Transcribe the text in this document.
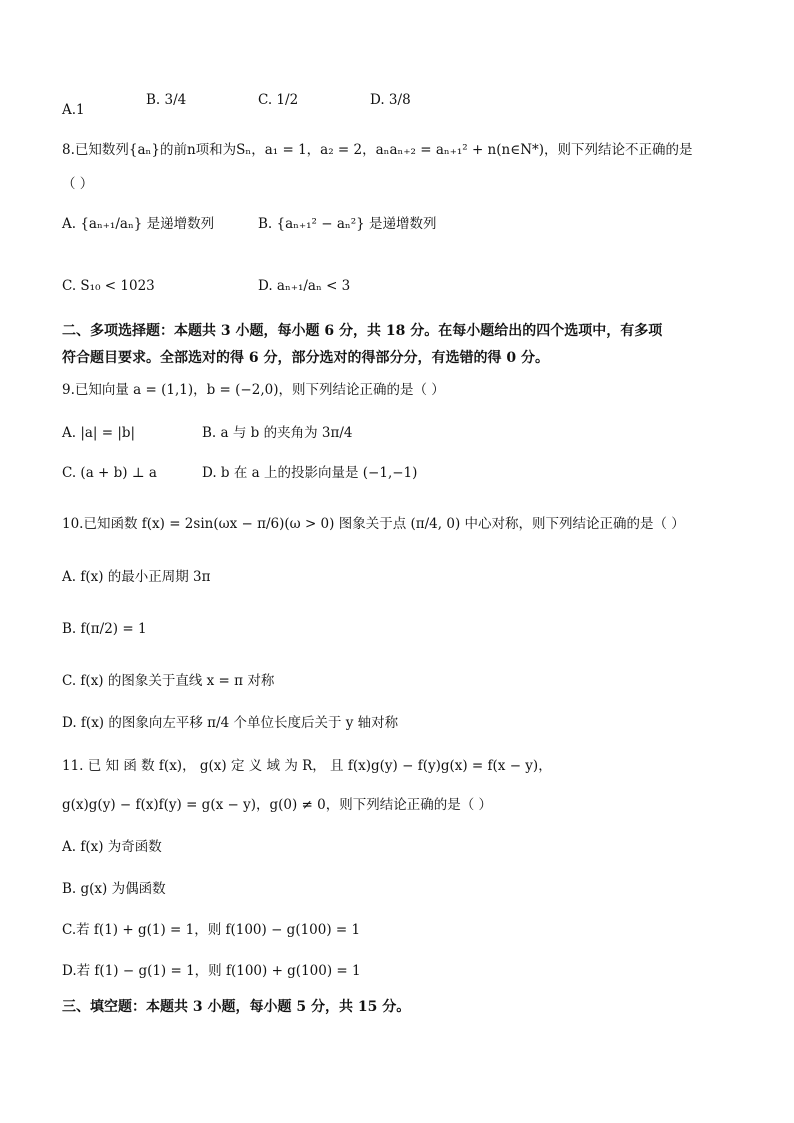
A.1
B. 3/4	C. 1/2	D. 3/8
8.已知数列{aₙ}的前n项和为Sₙ，a₁ = 1，a₂ = 2，aₙaₙ₊₂ = aₙ₊₁² + n(n∈N*)，则下列结论不正确的是
（ ）
A. {aₙ₊₁/aₙ} 是递增数列	B. {aₙ₊₁² − aₙ²} 是递增数列
C. S₁₀ < 1023	D. aₙ₊₁/aₙ < 3
二、多项选择题：本题共 3 小题，每小题 6 分，共 18 分。在每小题给出的四个选项中，有多项
符合题目要求。全部选对的得 6 分，部分选对的得部分分，有选错的得 0 分。
9.已知向量 a = (1,1)，b = (−2,0)，则下列结论正确的是（ ）
A. |a| = |b|	B. a 与 b 的夹角为 3π/4
C. (a + b) ⊥ a	D. b 在 a 上的投影向量是 (−1,−1)
10.已知函数 f(x) = 2sin(ωx − π/6)(ω > 0) 图象关于点 (π/4, 0) 中心对称，则下列结论正确的是（ ）
A. f(x) 的最小正周期 3π
B. f(π/2) = 1
C. f(x) 的图象关于直线 x = π 对称
D. f(x) 的图象向左平移 π/4 个单位长度后关于 y 轴对称
11. 已 知 函 数 f(x)， g(x) 定 义 域 为 R， 且 f(x)g(y) − f(y)g(x) = f(x − y)，
g(x)g(y) − f(x)f(y) = g(x − y)，g(0) ≠ 0，则下列结论正确的是（ ）
A. f(x) 为奇函数
B. g(x) 为偶函数
C.若 f(1) + g(1) = 1，则 f(100) − g(100) = 1
D.若 f(1) − g(1) = 1，则 f(100) + g(100) = 1
三、填空题：本题共 3 小题，每小题 5 分，共 15 分。
